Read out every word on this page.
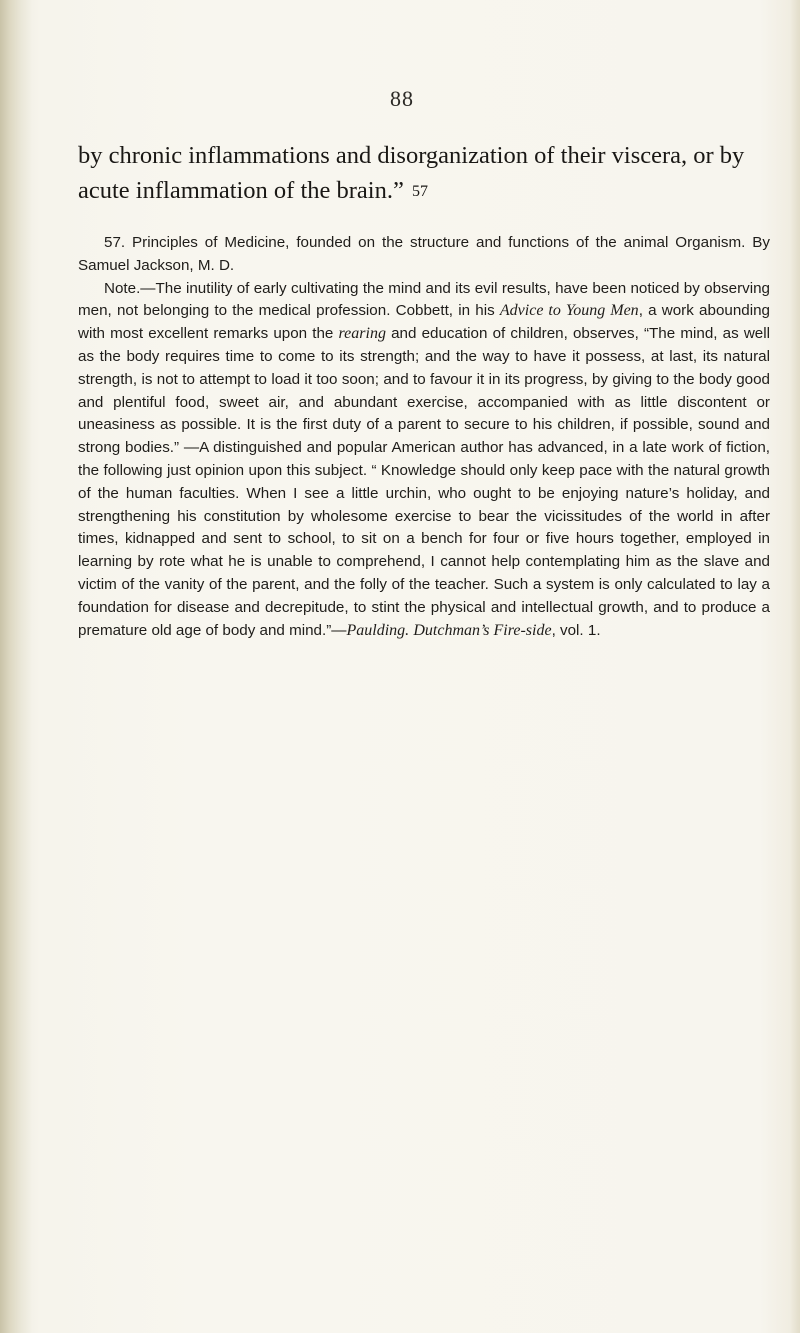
88
by chronic inflammations and disorganization of their viscera, or by acute inflammation of the brain.” 57

57. Principles of Medicine, founded on the structure and functions of the animal Organism. By Samuel Jackson, M. D.

Note.—The inutility of early cultivating the mind and its evil results, have been noticed by observing men, not belonging to the medical profession. Cobbett, in his Advice to Young Men, a work abounding with most excellent remarks upon the rearing and education of children, observes, “The mind, as well as the body requires time to come to its strength; and the way to have it possess, at last, its natural strength, is not to attempt to load it too soon; and to favour it in its progress, by giving to the body good and plentiful food, sweet air, and abundant exercise, accompanied with as little discontent or uneasiness as possible. It is the first duty of a parent to secure to his children, if possible, sound and strong bodies.” —A distinguished and popular American author has advanced, in a late work of fiction, the following just opinion upon this subject. “ Knowledge should only keep pace with the natural growth of the human faculties. When I see a little urchin, who ought to be enjoying nature’s holiday, and strengthening his constitution by wholesome exercise to bear the vicissitudes of the world in after times, kidnapped and sent to school, to sit on a bench for four or five hours together, employed in learning by rote what he is unable to comprehend, I cannot help contemplating him as the slave and victim of the vanity of the parent, and the folly of the teacher. Such a system is only calculated to lay a foundation for disease and decrepitude, to stint the physical and intellectual growth, and to produce a premature old age of body and mind.”—Paulding. Dutchman’s Fire-side, vol. 1.
